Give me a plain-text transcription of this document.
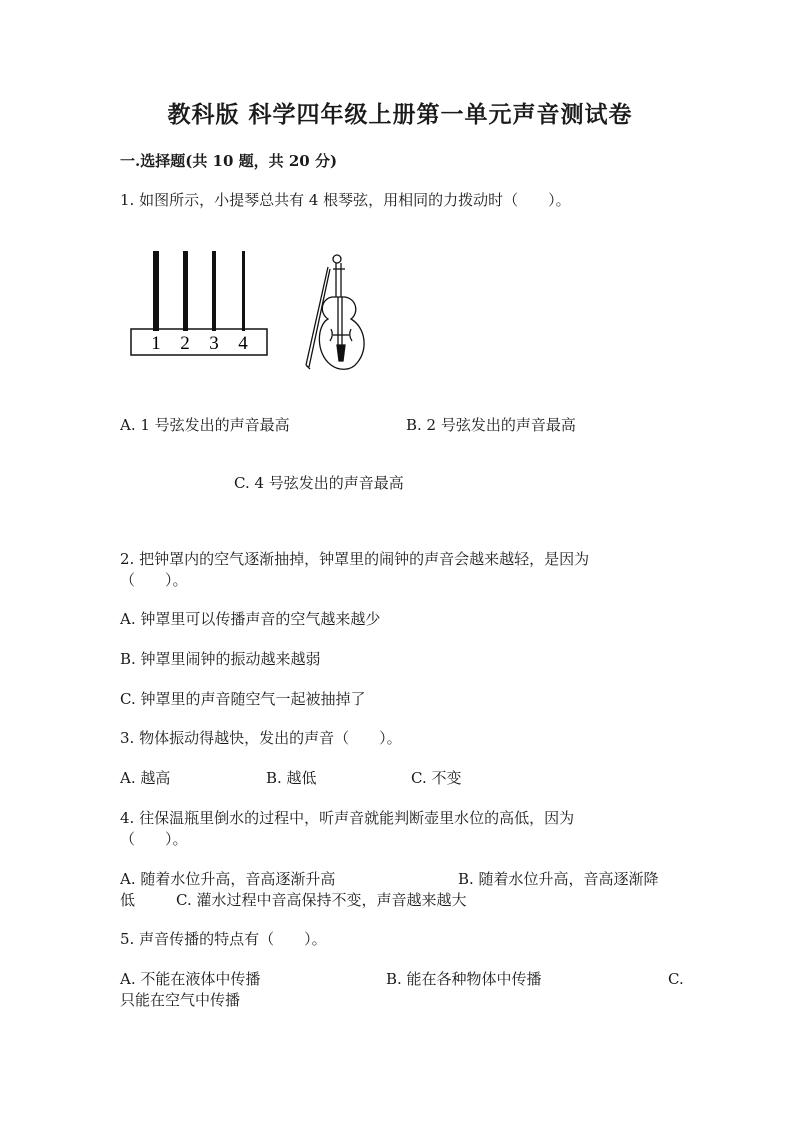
教科版 科学四年级上册第一单元声音测试卷
一.选择题(共 10 题，共 20 分)
1. 如图所示，小提琴总共有 4 根琴弦，用相同的力拨动时（　　）。
1 2 3 4
A. 1 号弦发出的声音最高	B. 2 号弦发出的声音最高
C. 4 号弦发出的声音最高
2. 把钟罩内的空气逐渐抽掉，钟罩里的闹钟的声音会越来越轻，是因为
（　　）。
A. 钟罩里可以传播声音的空气越来越少
B. 钟罩里闹钟的振动越来越弱
C. 钟罩里的声音随空气一起被抽掉了
3. 物体振动得越快，发出的声音（　　）。
A. 越高	B. 越低	C. 不变
4. 往保温瓶里倒水的过程中，听声音就能判断壶里水位的高低，因为
（　　）。
A. 随着水位升高，音高逐渐升高	B. 随着水位升高，音高逐渐降
低	C. 灌水过程中音高保持不变，声音越来越大
5. 声音传播的特点有（　　）。
A. 不能在液体中传播	B. 能在各种物体中传播	C.
只能在空气中传播
